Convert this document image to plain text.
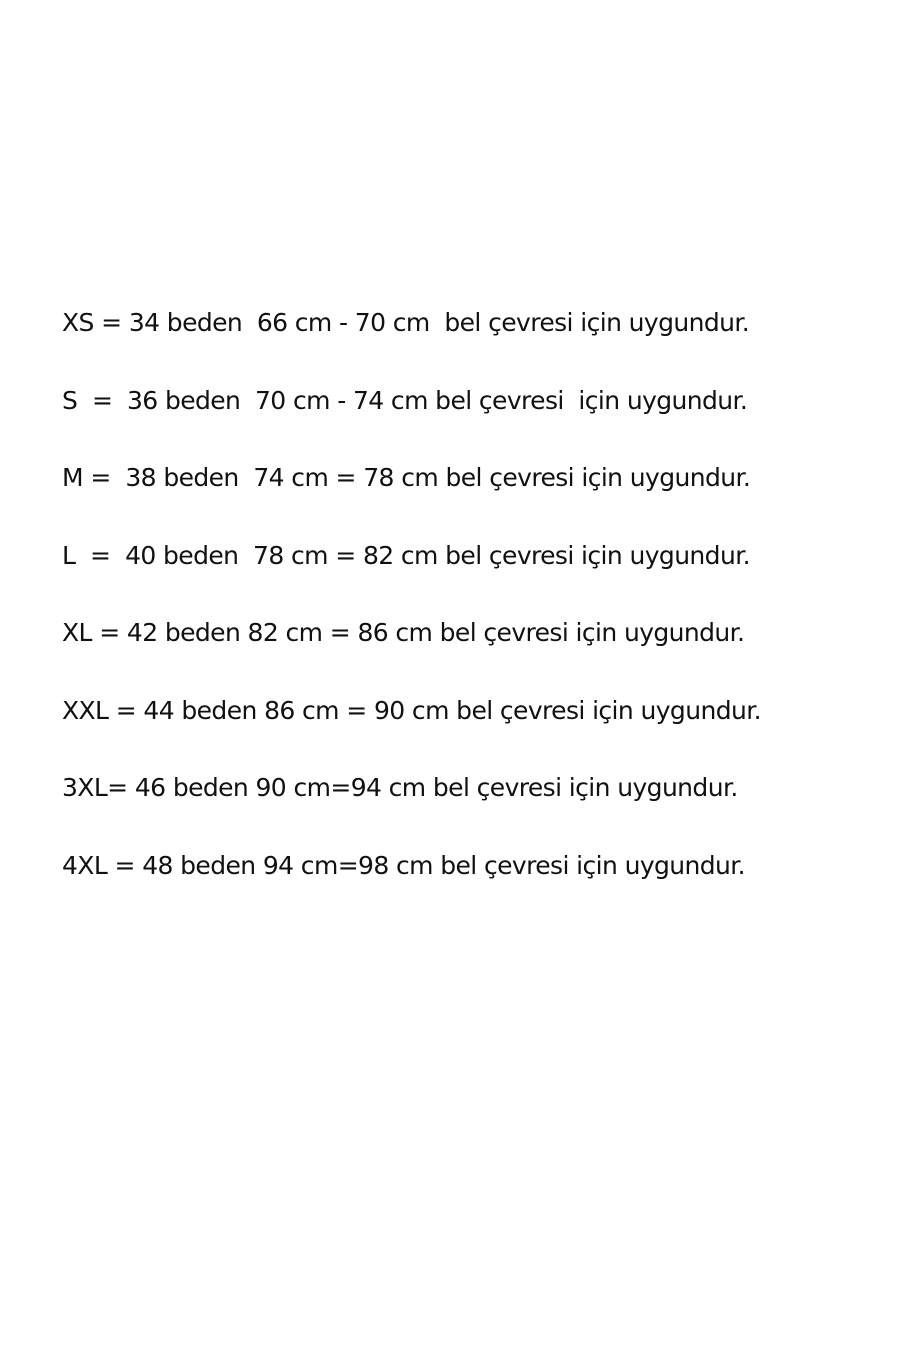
XS = 34 beden  66 cm - 70 cm  bel çevresi için uygundur.
S  =  36 beden  70 cm - 74 cm bel çevresi  için uygundur.
M =  38 beden  74 cm = 78 cm bel çevresi için uygundur.
L  =  40 beden  78 cm = 82 cm bel çevresi için uygundur.
XL = 42 beden 82 cm = 86 cm bel çevresi için uygundur.
XXL = 44 beden 86 cm = 90 cm bel çevresi için uygundur.
3XL= 46 beden 90 cm=94 cm bel çevresi için uygundur.
4XL = 48 beden 94 cm=98 cm bel çevresi için uygundur.
